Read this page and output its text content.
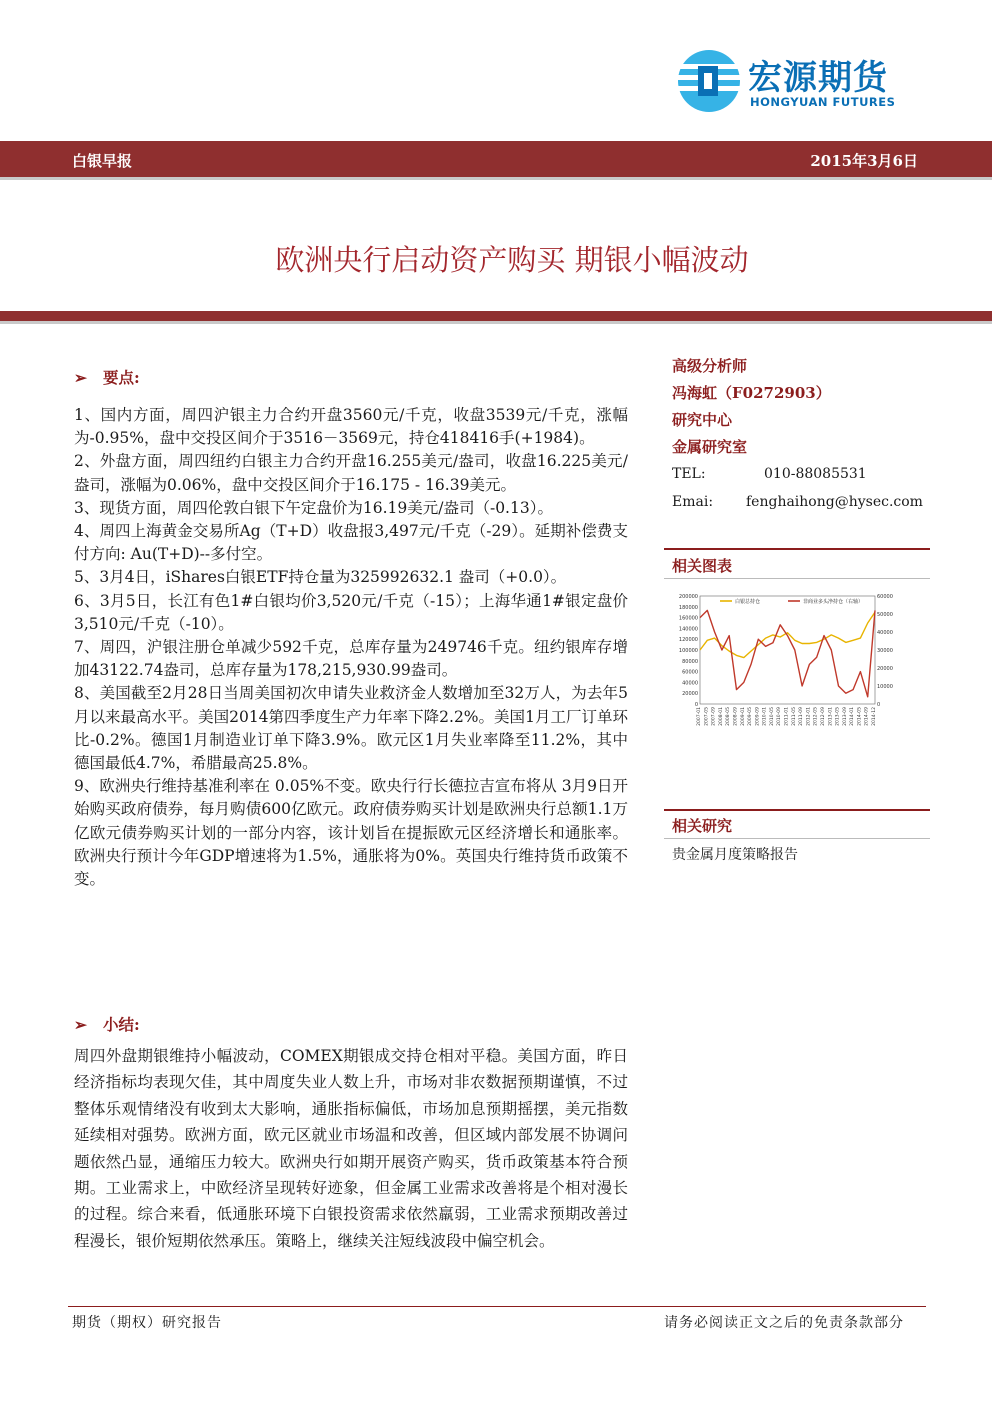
宏源期货
HONGYUAN FUTURES
白银早报	2015年3月6日
欧洲央行启动资产购买 期银小幅波动
➢ 要点:

1、国内方面，周四沪银主力合约开盘3560元/千克，收盘3539元/千克，涨幅为-0.95%，盘中交投区间介于3516－3569元，持仓418416手(+1984)。

2、外盘方面，周四纽约白银主力合约开盘16.255美元/盎司，收盘16.225美元/盎司，涨幅为0.06%，盘中交投区间介于16.175 - 16.39美元。

3、现货方面，周四伦敦白银下午定盘价为16.19美元/盎司（-0.13）。

4、周四上海黄金交易所Ag（T+D）收盘报3,497元/千克（-29）。延期补偿费支付方向: Au(T+D)--多付空。

5、3月4日，iShares白银ETF持仓量为325992632.1 盎司（+0.0）。

6、3月5日，长江有色1#白银均价3,520元/千克（-15）；上海华通1#银定盘价3,510元/千克（-10）。

7、周四，沪银注册仓单减少592千克，总库存量为249746千克。纽约银库存增加43122.74盎司，总库存量为178,215,930.99盎司。

8、美国截至2月28日当周美国初次申请失业救济金人数增加至32万人，为去年5月以来最高水平。美国2014第四季度生产力年率下降2.2%。美国1月工厂订单环比-0.2%。德国1月制造业订单下降3.9%。欧元区1月失业率降至11.2%，其中德国最低4.7%，希腊最高25.8%。

9、欧洲央行维持基准利率在 0.05%不变。欧央行行长德拉吉宣布将从 3月9日开始购买政府债券，每月购债600亿欧元。政府债券购买计划是欧洲央行总额1.1万亿欧元债券购买计划的一部分内容，该计划旨在提振欧元区经济增长和通胀率。欧洲央行预计今年GDP增速将为1.5%，通胀将为0%。英国央行维持货币政策不变。

➢ 小结:

周四外盘期银维持小幅波动，COMEX期银成交持仓相对平稳。美国方面，昨日经济指标均表现欠佳，其中周度失业人数上升，市场对非农数据预期谨慎，不过整体乐观情绪没有收到太大影响，通胀指标偏低，市场加息预期摇摆，美元指数延续相对强势。欧洲方面，欧元区就业市场温和改善，但区域内部发展不协调问题依然凸显，通缩压力较大。欧洲央行如期开展资产购买，货币政策基本符合预期。工业需求上，中欧经济呈现转好迹象，但金属工业需求改善将是个相对漫长的过程。综合来看，低通胀环境下白银投资需求依然羸弱，工业需求预期改善过程漫长，银价短期依然承压。策略上，继续关注短线波段中偏空机会。

高级分析师
冯海虹（F0272903）
研究中心
金属研究室
TEL:	010-88085531
Emai: fenghaihong@hysec.com
相关图表
白银总持仓	非商业多头净持仓（右轴）
200000
180000
160000
140000
120000
100000
80000
60000
40000
20000
0
60000
50000
40000
30000
20000
10000
0
2007-01 2007-05 2007-09 2008-01 2008-05 2008-09 2009-01 2009-05 2009-09 2010-01 2010-05 2010-09 2011-01 2011-05 2011-09 2012-01 2012-05 2012-09 2013-01 2013-05 2013-09 2014-01 2014-05 2014-09 2014-12
相关研究
贵金属月度策略报告
期货（期权）研究报告	请务必阅读正文之后的免责条款部分
